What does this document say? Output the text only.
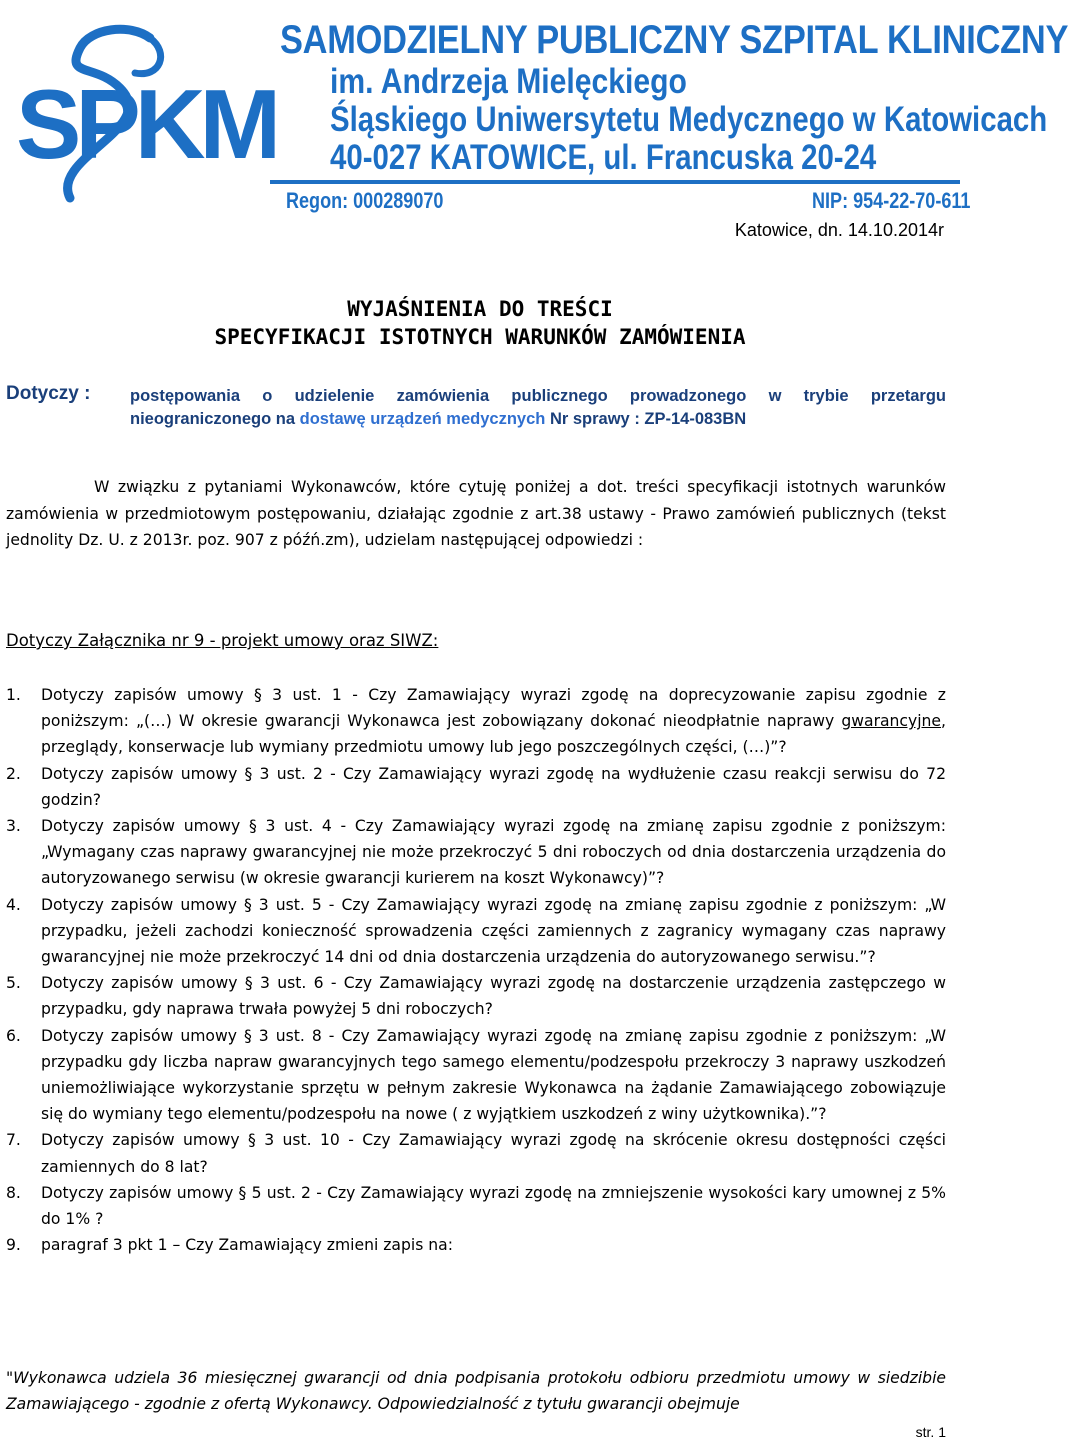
SPKM
SAMODZIELNY PUBLICZNY SZPITAL KLINICZNY
im. Andrzeja Mielęckiego
Śląskiego Uniwersytetu Medycznego w Katowicach
40-027 KATOWICE, ul. Francuska 20-24
Regon: 000289070	NIP: 954-22-70-611
Katowice, dn. 14.10.2014r
WYJAŚNIENIA DO TREŚCI
SPECYFIKACJI ISTOTNYCH WARUNKÓW ZAMÓWIENIA
Dotyczy : postępowania o udzielenie zamówienia publicznego prowadzonego w trybie przetargu nieograniczonego na dostawę urządzeń medycznych Nr sprawy : ZP-14-083BN
W związku z pytaniami Wykonawców, które cytuję poniżej a dot. treści specyfikacji istotnych warunków zamówienia w przedmiotowym postępowaniu, działając zgodnie z art.38 ustawy - Prawo zamówień publicznych (tekst jednolity Dz. U. z 2013r. poz. 907 z późń.zm), udzielam następującej odpowiedzi :
Dotyczy Załącznika nr 9 - projekt umowy oraz SIWZ:
1.	Dotyczy zapisów umowy § 3 ust. 1 - Czy Zamawiający wyrazi zgodę na doprecyzowanie zapisu zgodnie z poniższym: „(…) W okresie gwarancji Wykonawca jest zobowiązany dokonać nieodpłatnie naprawy gwarancyjne, przeglądy, konserwacje lub wymiany przedmiotu umowy lub jego poszczególnych części, (…)”?
2.	Dotyczy zapisów umowy § 3 ust. 2 - Czy Zamawiający wyrazi zgodę na wydłużenie czasu reakcji serwisu do 72 godzin?
3.	Dotyczy zapisów umowy § 3 ust. 4 - Czy Zamawiający wyrazi zgodę na zmianę zapisu zgodnie z poniższym: „Wymagany czas naprawy gwarancyjnej nie może przekroczyć 5 dni roboczych od dnia dostarczenia urządzenia do autoryzowanego serwisu (w okresie gwarancji kurierem na koszt Wykonawcy)”?
4.	Dotyczy zapisów umowy § 3 ust. 5 - Czy Zamawiający wyrazi zgodę na zmianę zapisu zgodnie z poniższym: „W przypadku, jeżeli zachodzi konieczność sprowadzenia części zamiennych z zagranicy wymagany czas naprawy gwarancyjnej nie może przekroczyć 14 dni od dnia dostarczenia urządzenia do autoryzowanego serwisu.”?
5.	Dotyczy zapisów umowy § 3 ust. 6 - Czy Zamawiający wyrazi zgodę na dostarczenie urządzenia zastępczego w przypadku, gdy naprawa trwała powyżej 5 dni roboczych?
6.	Dotyczy zapisów umowy § 3 ust. 8 - Czy Zamawiający wyrazi zgodę na zmianę zapisu zgodnie z poniższym: „W przypadku gdy liczba napraw gwarancyjnych tego samego elementu/podzespołu przekroczy 3 naprawy uszkodzeń uniemożliwiające wykorzystanie sprzętu w pełnym zakresie Wykonawca na żądanie Zamawiającego zobowiązuje się do wymiany tego elementu/podzespołu na nowe ( z wyjątkiem uszkodzeń z winy użytkownika).”?
7.	Dotyczy zapisów umowy § 3 ust. 10 - Czy Zamawiający wyrazi zgodę na skrócenie okresu dostępności części zamiennych do 8 lat?
8.	Dotyczy zapisów umowy § 5 ust. 2 - Czy Zamawiający wyrazi zgodę na zmniejszenie wysokości kary umownej z 5% do 1% ?
9.	paragraf 3 pkt 1 – Czy Zamawiający zmieni zapis na:
"Wykonawca udziela 36 miesięcznej gwarancji od dnia podpisania protokołu odbioru przedmiotu umowy w siedzibie Zamawiającego - zgodnie z ofertą Wykonawcy. Odpowiedzialność z tytułu gwarancji obejmuje
str. 1
